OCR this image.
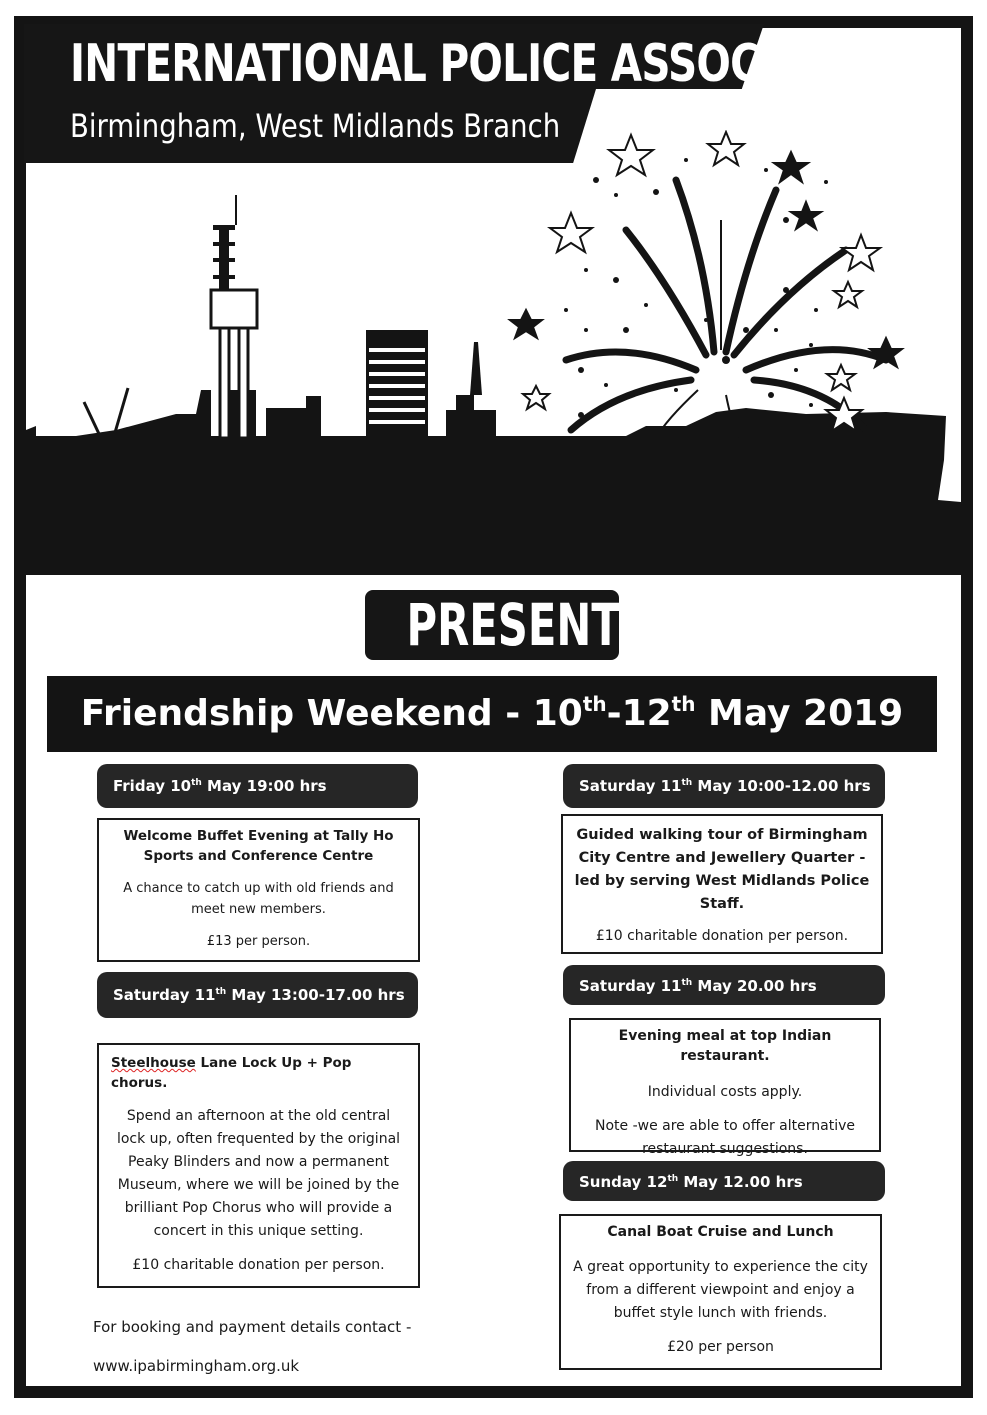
INTERNATIONAL POLICE ASSOCIATION
Birmingham, West Midlands Branch
PRESENT
Friendship Weekend - 10th-12th May 2019
Friday 10th May 19:00 hrs
Welcome Buffet Evening at Tally Ho Sports and Conference Centre

A chance to catch up with old friends and meet new members.

£13 per person.

Saturday 11th May 13:00-17.00 hrs
Steelhouse Lane Lock Up + Pop chorus.

Spend an afternoon at the old central lock up, often frequented by the original Peaky Blinders and now a permanent Museum, where we will be joined by the brilliant Pop Chorus who will provide a concert in this unique setting.

£10 charitable donation per person.

For booking and payment details contact -
www.ipabirmingham.org.uk
Saturday 11th May 10:00-12.00 hrs
Guided walking tour of Birmingham City Centre and Jewellery Quarter - led by serving West Midlands Police Staff.

£10 charitable donation per person.

Saturday 11th May 20.00 hrs
Evening meal at top Indian restaurant.

Individual costs apply.

Note -we are able to offer alternative restaurant suggestions.

Sunday 12th May 12.00 hrs
Canal Boat Cruise and Lunch

A great opportunity to experience the city from a different viewpoint and enjoy a buffet style lunch with friends.

£20 per person
